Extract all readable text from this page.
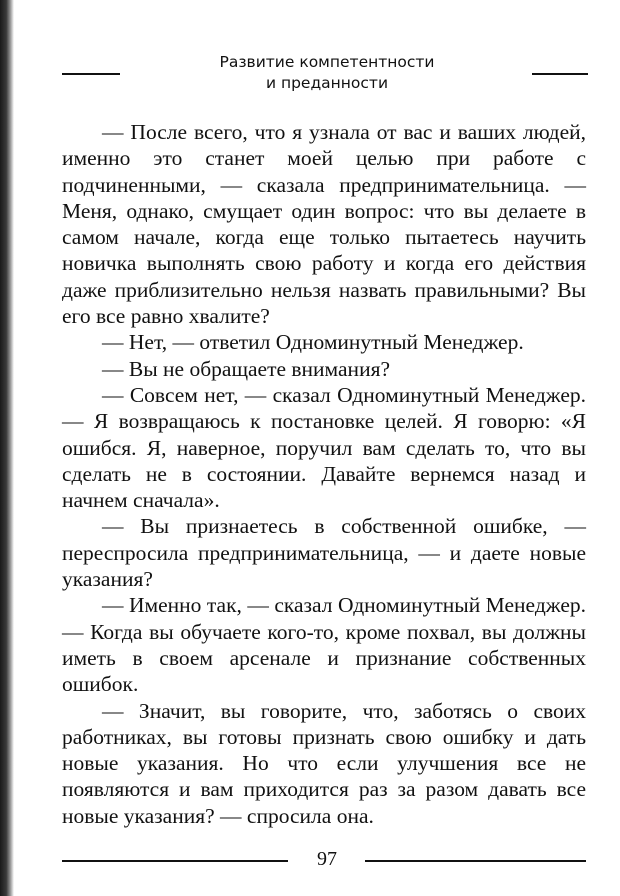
Развитие компетентности
и преданности

— После всего, что я узнала от вас и ваших людей, именно это станет моей целью при работе с подчиненными, — сказала предпринимательница. — Меня, однако, смущает один вопрос: что вы делаете в самом начале, когда еще только пытаетесь научить новичка выполнять свою работу и когда его действия даже приблизительно нельзя назвать правильными? Вы его все равно хвалите?

— Нет, — ответил Одноминутный Менеджер.

— Вы не обращаете внимания?

— Совсем нет, — сказал Одноминутный Менеджер. — Я возвращаюсь к постановке целей. Я говорю: «Я ошибся. Я, наверное, поручил вам сделать то, что вы сделать не в состоянии. Давайте вернемся назад и начнем сначала».

— Вы признаетесь в собственной ошибке, — переспросила предпринимательница, — и даете новые указания?

— Именно так, — сказал Одноминутный Менеджер. — Когда вы обучаете кого-то, кроме похвал, вы должны иметь в своем арсенале и признание собственных ошибок.

— Значит, вы говорите, что, заботясь о своих работниках, вы готовы признать свою ошибку и дать новые указания. Но что если улучшения все не появляются и вам приходится раз за разом давать все новые указания? — спросила она.

97
